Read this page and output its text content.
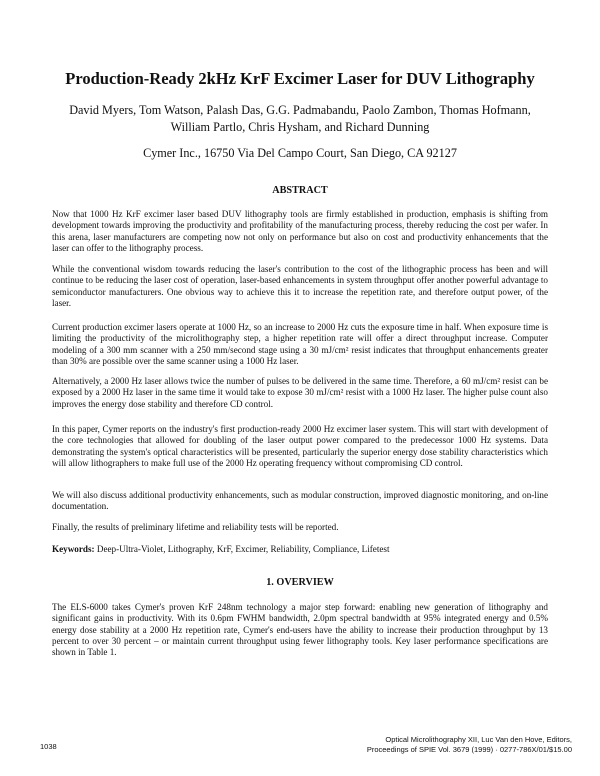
Production-Ready 2kHz KrF Excimer Laser for DUV Lithography
David Myers, Tom Watson, Palash Das, G.G. Padmabandu, Paolo Zambon, Thomas Hofmann, William Partlo, Chris Hysham, and Richard Dunning
Cymer Inc., 16750 Via Del Campo Court, San Diego, CA 92127
ABSTRACT

Now that 1000 Hz KrF excimer laser based DUV lithography tools are firmly established in production, emphasis is shifting from development towards improving the productivity and profitability of the manufacturing process, thereby reducing the cost per wafer. In this arena, laser manufacturers are competing now not only on performance but also on cost and productivity enhancements that the laser can offer to the lithography process.

While the conventional wisdom towards reducing the laser's contribution to the cost of the lithographic process has been and will continue to be reducing the laser cost of operation, laser-based enhancements in system throughput offer another powerful advantage to semiconductor manufacturers. One obvious way to achieve this it to increase the repetition rate, and therefore output power, of the laser.

Current production excimer lasers operate at 1000 Hz, so an increase to 2000 Hz cuts the exposure time in half. When exposure time is limiting the productivity of the microlithography step, a higher repetition rate will offer a direct throughput increase. Computer modeling of a 300 mm scanner with a 250 mm/second stage using a 30 mJ/cm² resist indicates that throughput enhancements greater than 30% are possible over the same scanner using a 1000 Hz laser.

Alternatively, a 2000 Hz laser allows twice the number of pulses to be delivered in the same time. Therefore, a 60 mJ/cm² resist can be exposed by a 2000 Hz laser in the same time it would take to expose 30 mJ/cm² resist with a 1000 Hz laser. The higher pulse count also improves the energy dose stability and therefore CD control.

In this paper, Cymer reports on the industry's first production-ready 2000 Hz excimer laser system. This will start with development of the core technologies that allowed for doubling of the laser output power compared to the predecessor 1000 Hz systems. Data demonstrating the system's optical characteristics will be presented, particularly the superior energy dose stability characteristics which will allow lithographers to make full use of the 2000 Hz operating frequency without compromising CD control.

We will also discuss additional productivity enhancements, such as modular construction, improved diagnostic monitoring, and on-line documentation.

Finally, the results of preliminary lifetime and reliability tests will be reported.

Keywords: Deep-Ultra-Violet, Lithography, KrF, Excimer, Reliability, Compliance, Lifetest

1. OVERVIEW

The ELS-6000 takes Cymer's proven KrF 248nm technology a major step forward: enabling new generation of lithography and significant gains in productivity. With its 0.6pm FWHM bandwidth, 2.0pm spectral bandwidth at 95% integrated energy and 0.5% energy dose stability at a 2000 Hz repetition rate, Cymer's end-users have the ability to increase their production throughput by 13 percent to over 30 percent – or maintain current throughput using fewer lithography tools. Key laser performance specifications are shown in Table 1.

1038
Optical Microlithography XII, Luc Van den Hove, Editors,
Proceedings of SPIE Vol. 3679 (1999) · 0277-786X/01/$15.00
